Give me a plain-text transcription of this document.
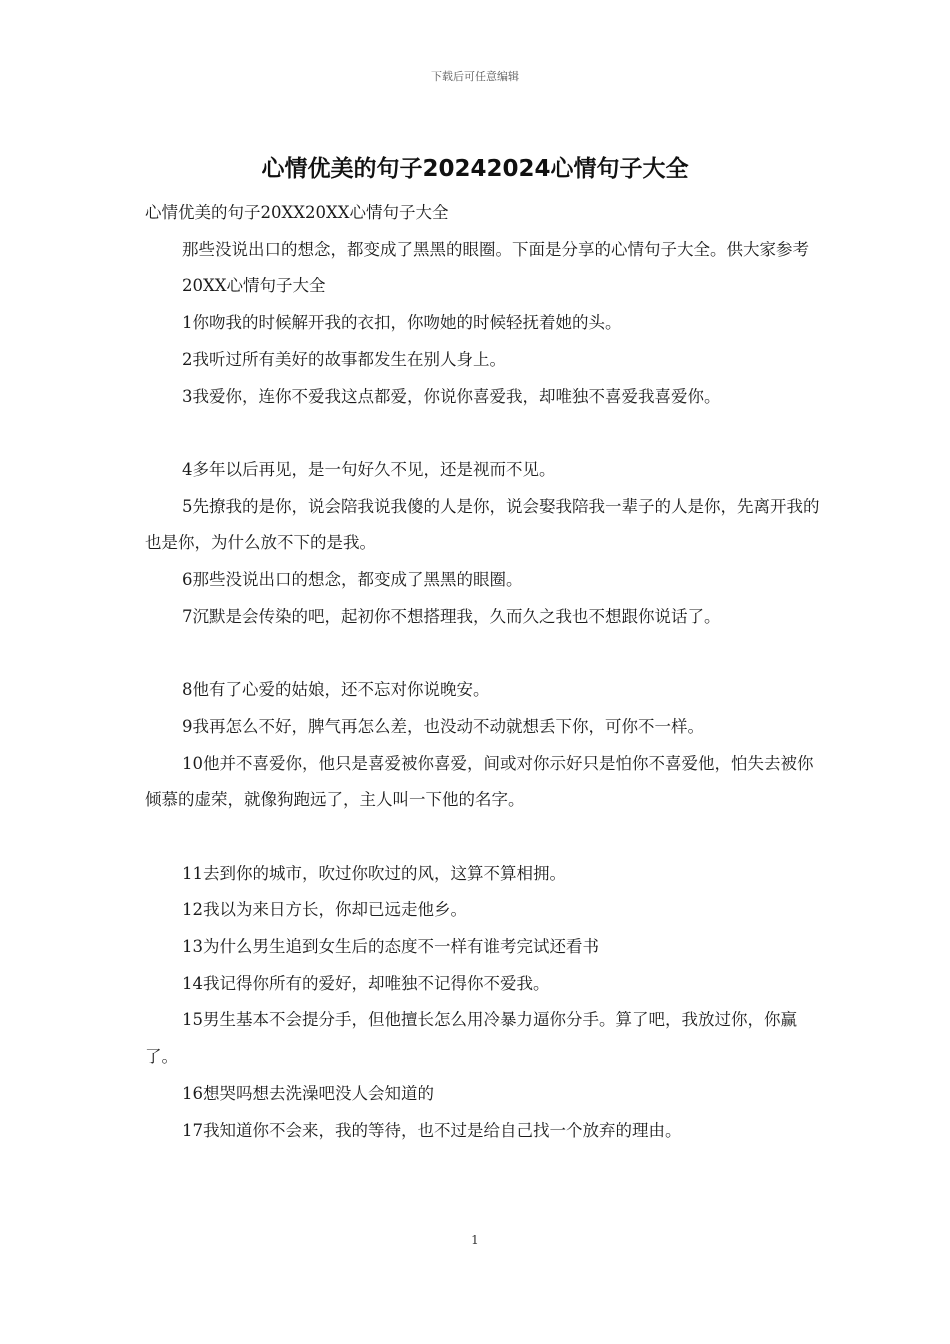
下载后可任意编辑
心情优美的句子20242024心情句子大全

心情优美的句子20XX20XX心情句子大全

那些没说出口的想念，都变成了黑黑的眼圈。下面是分享的心情句子大全。供大家参考

20XX心情句子大全

1你吻我的时候解开我的衣扣，你吻她的时候轻抚着她的头。

2我听过所有美好的故事都发生在别人身上。

3我爱你，连你不爱我这点都爱，你说你喜爱我，却唯独不喜爱我喜爱你。

4多年以后再见，是一句好久不见，还是视而不见。

5先撩我的是你，说会陪我说我傻的人是你，说会娶我陪我一辈子的人是你，先离开我的也是你，为什么放不下的是我。

6那些没说出口的想念，都变成了黑黑的眼圈。

7沉默是会传染的吧，起初你不想搭理我，久而久之我也不想跟你说话了。

8他有了心爱的姑娘，还不忘对你说晚安。

9我再怎么不好，脾气再怎么差，也没动不动就想丢下你，可你不一样。

10他并不喜爱你，他只是喜爱被你喜爱，间或对你示好只是怕你不喜爱他，怕失去被你倾慕的虚荣，就像狗跑远了，主人叫一下他的名字。

11去到你的城市，吹过你吹过的风，这算不算相拥。

12我以为来日方长，你却已远走他乡。

13为什么男生追到女生后的态度不一样有谁考完试还看书

14我记得你所有的爱好，却唯独不记得你不爱我。

15男生基本不会提分手，但他擅长怎么用冷暴力逼你分手。算了吧，我放过你，你赢了。

16想哭吗想去洗澡吧没人会知道的

17我知道你不会来，我的等待，也不过是给自己找一个放弃的理由。

1
